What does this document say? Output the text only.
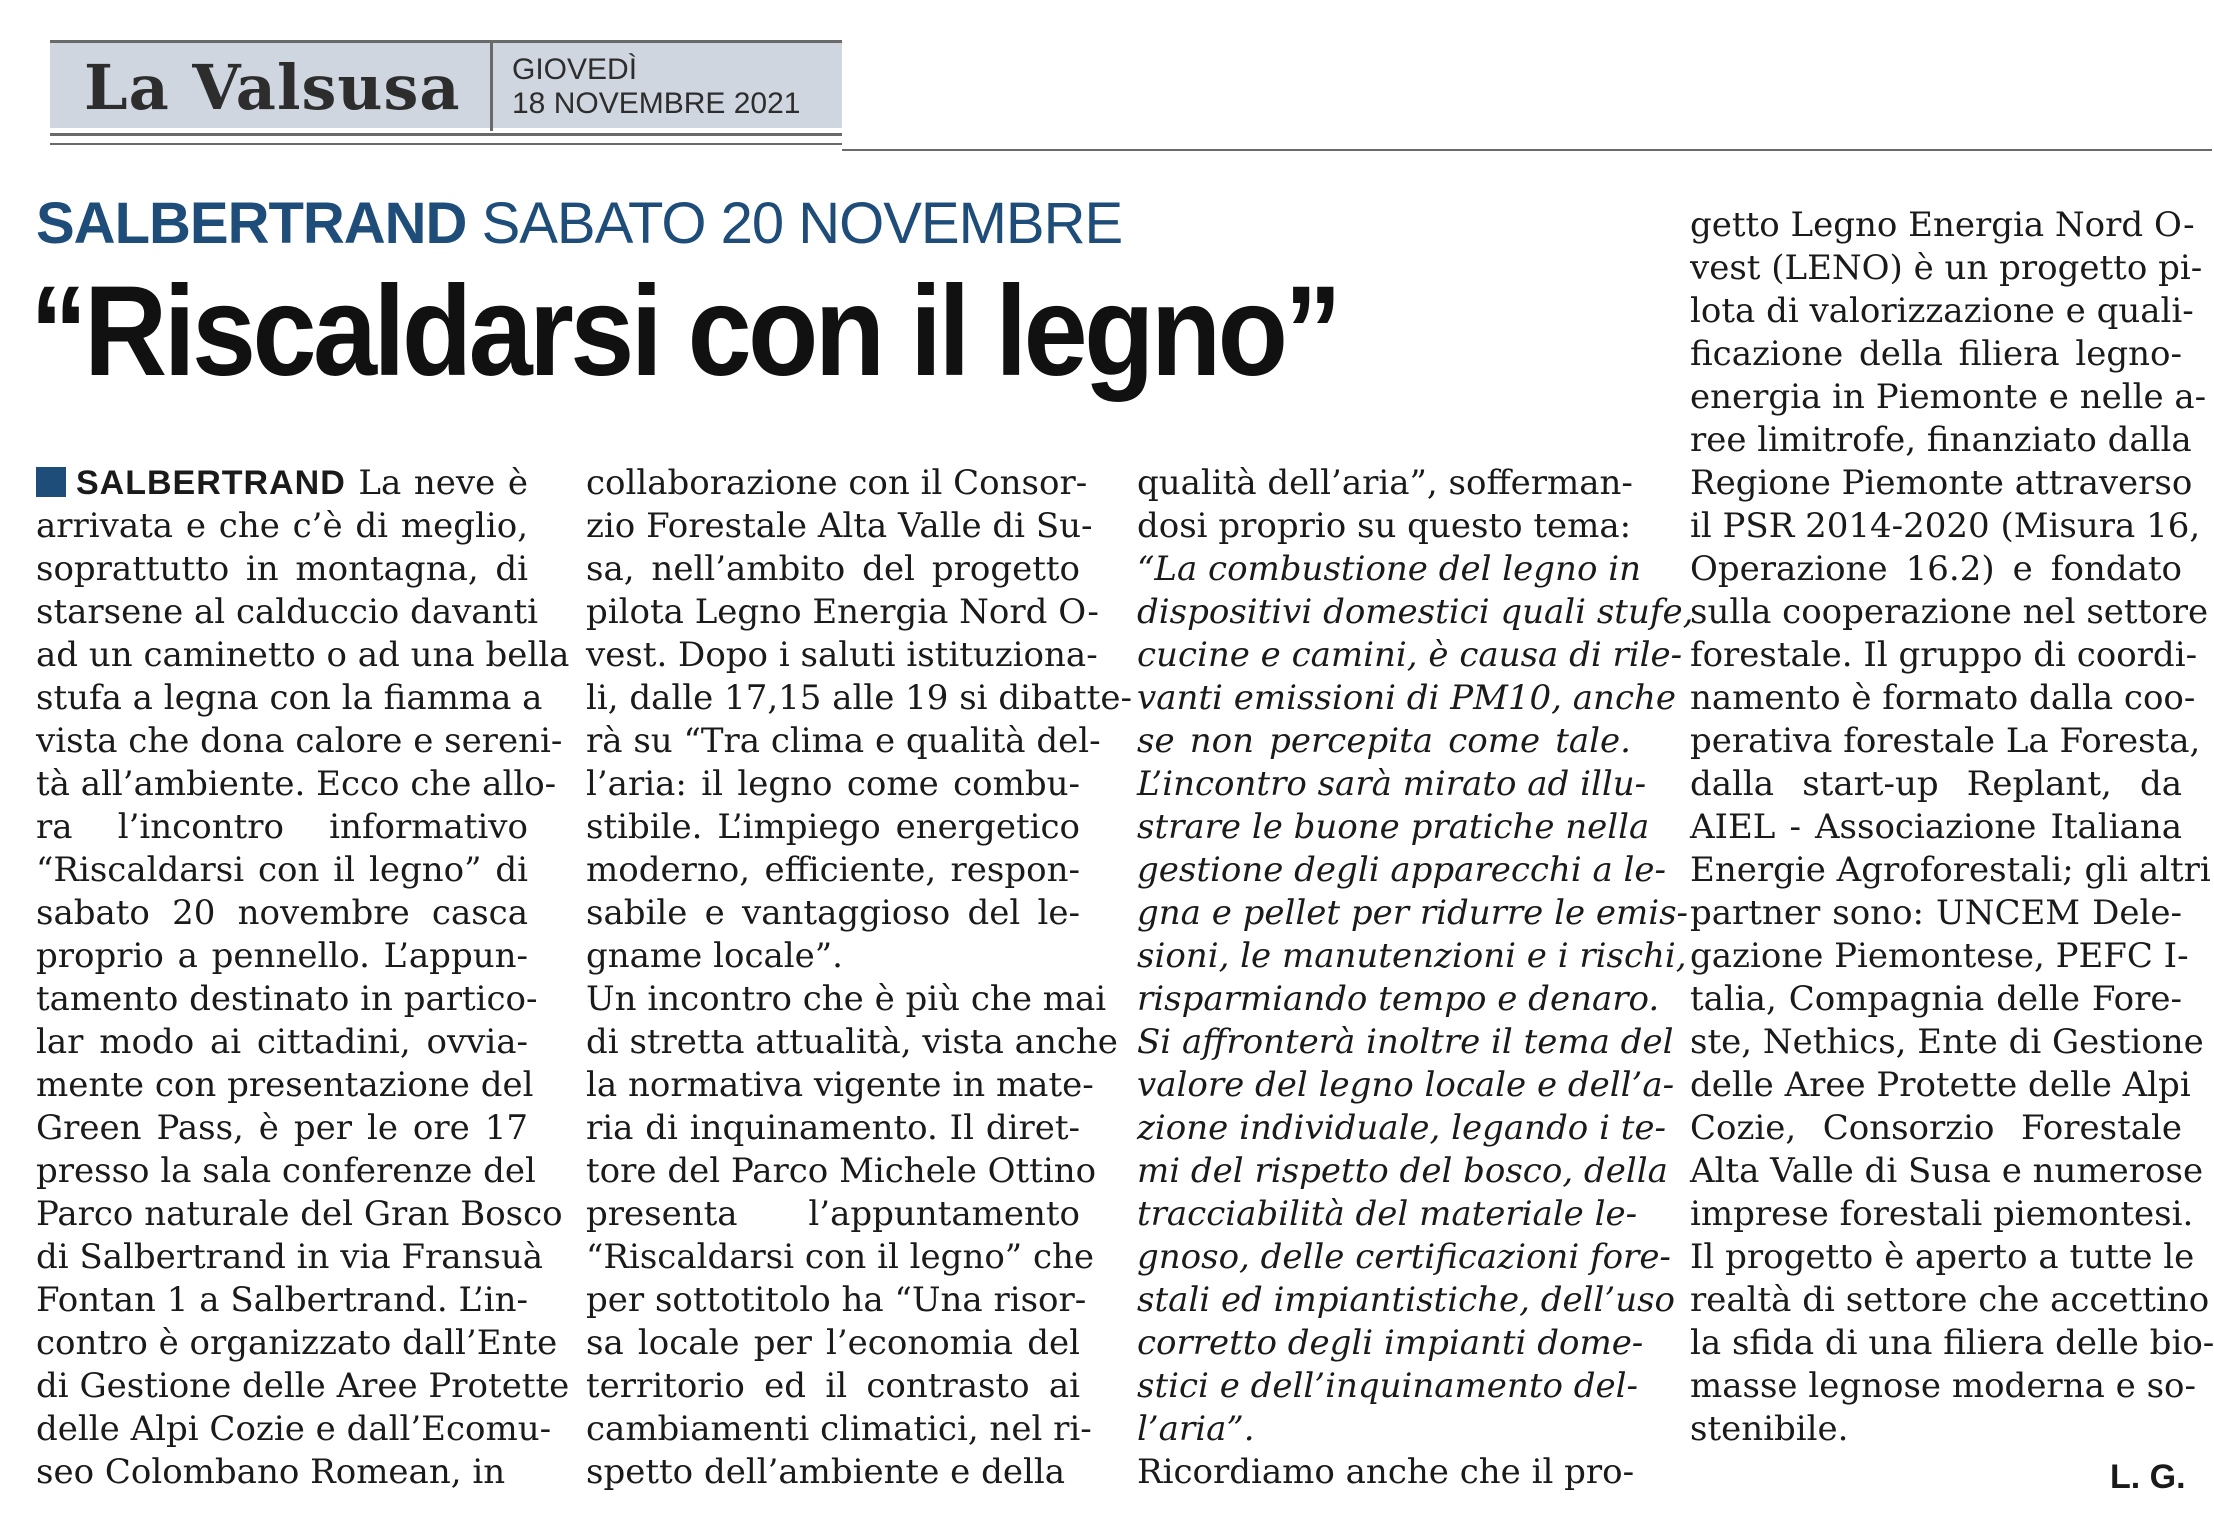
La Valsusa GIOVEDÌ
18 NOVEMBRE 2021
SALBERTRAND SABATO 20 NOVEMBRE
“Riscaldarsi con il legno”
SALBERTRAND La neve è
arrivata e che c’è di meglio,
soprattutto in montagna, di
starsene al calduccio davanti
ad un caminetto o ad una bella
stufa a legna con la fiamma a
vista che dona calore e sereni-
tà all’ambiente. Ecco che allo-
ra l’incontro informativo
“Riscaldarsi con il legno” di
sabato 20 novembre casca
proprio a pennello. L’appun-
tamento destinato in partico-
lar modo ai cittadini, ovvia-
mente con presentazione del
Green Pass, è per le ore 17
presso la sala conferenze del
Parco naturale del Gran Bosco
di Salbertrand in via Fransuà
Fontan 1 a Salbertrand. L’in-
contro è organizzato dall’Ente
di Gestione delle Aree Protette
delle Alpi Cozie e dall’Ecomu-
seo Colombano Romean, in
collaborazione con il Consor-
zio Forestale Alta Valle di Su-
sa, nell’ambito del progetto
pilota Legno Energia Nord O-
vest. Dopo i saluti istituziona-
li, dalle 17,15 alle 19 si dibatte-
rà su “Tra clima e qualità del-
l’aria: il legno come combu-
stibile. L’impiego energetico
moderno, efficiente, respon-
sabile e vantaggioso del le-
gname locale”.
Un incontro che è più che mai
di stretta attualità, vista anche
la normativa vigente in mate-
ria di inquinamento. Il diret-
tore del Parco Michele Ottino
presenta l’appuntamento
“Riscaldarsi con il legno” che
per sottotitolo ha “Una risor-
sa locale per l’economia del
territorio ed il contrasto ai
cambiamenti climatici, nel ri-
spetto dell’ambiente e della
qualità dell’aria”, sofferman-
dosi proprio su questo tema:
“La combustione del legno in
dispositivi domestici quali stufe,
cucine e camini, è causa di rile-
vanti emissioni di PM10, anche
se non percepita come tale.
L’incontro sarà mirato ad illu-
strare le buone pratiche nella
gestione degli apparecchi a le-
gna e pellet per ridurre le emis-
sioni, le manutenzioni e i rischi,
risparmiando tempo e denaro.
Si affronterà inoltre il tema del
valore del legno locale e dell’a-
zione individuale, legando i te-
mi del rispetto del bosco, della
tracciabilità del materiale le-
gnoso, delle certificazioni fore-
stali ed impiantistiche, dell’uso
corretto degli impianti dome-
stici e dell’inquinamento del-
l’aria”.
Ricordiamo anche che il pro-
getto Legno Energia Nord O-
vest (LENO) è un progetto pi-
lota di valorizzazione e quali-
ficazione della filiera legno-
energia in Piemonte e nelle a-
ree limitrofe, finanziato dalla
Regione Piemonte attraverso
il PSR 2014-2020 (Misura 16,
Operazione 16.2) e fondato
sulla cooperazione nel settore
forestale. Il gruppo di coordi-
namento è formato dalla coo-
perativa forestale La Foresta,
dalla start-up Replant, da
AIEL - Associazione Italiana
Energie Agroforestali; gli altri
partner sono: UNCEM Dele-
gazione Piemontese, PEFC I-
talia, Compagnia delle Fore-
ste, Nethics, Ente di Gestione
delle Aree Protette delle Alpi
Cozie, Consorzio Forestale
Alta Valle di Susa e numerose
imprese forestali piemontesi.
Il progetto è aperto a tutte le
realtà di settore che accettino
la sfida di una filiera delle bio-
masse legnose moderna e so-
stenibile.
L. G.
